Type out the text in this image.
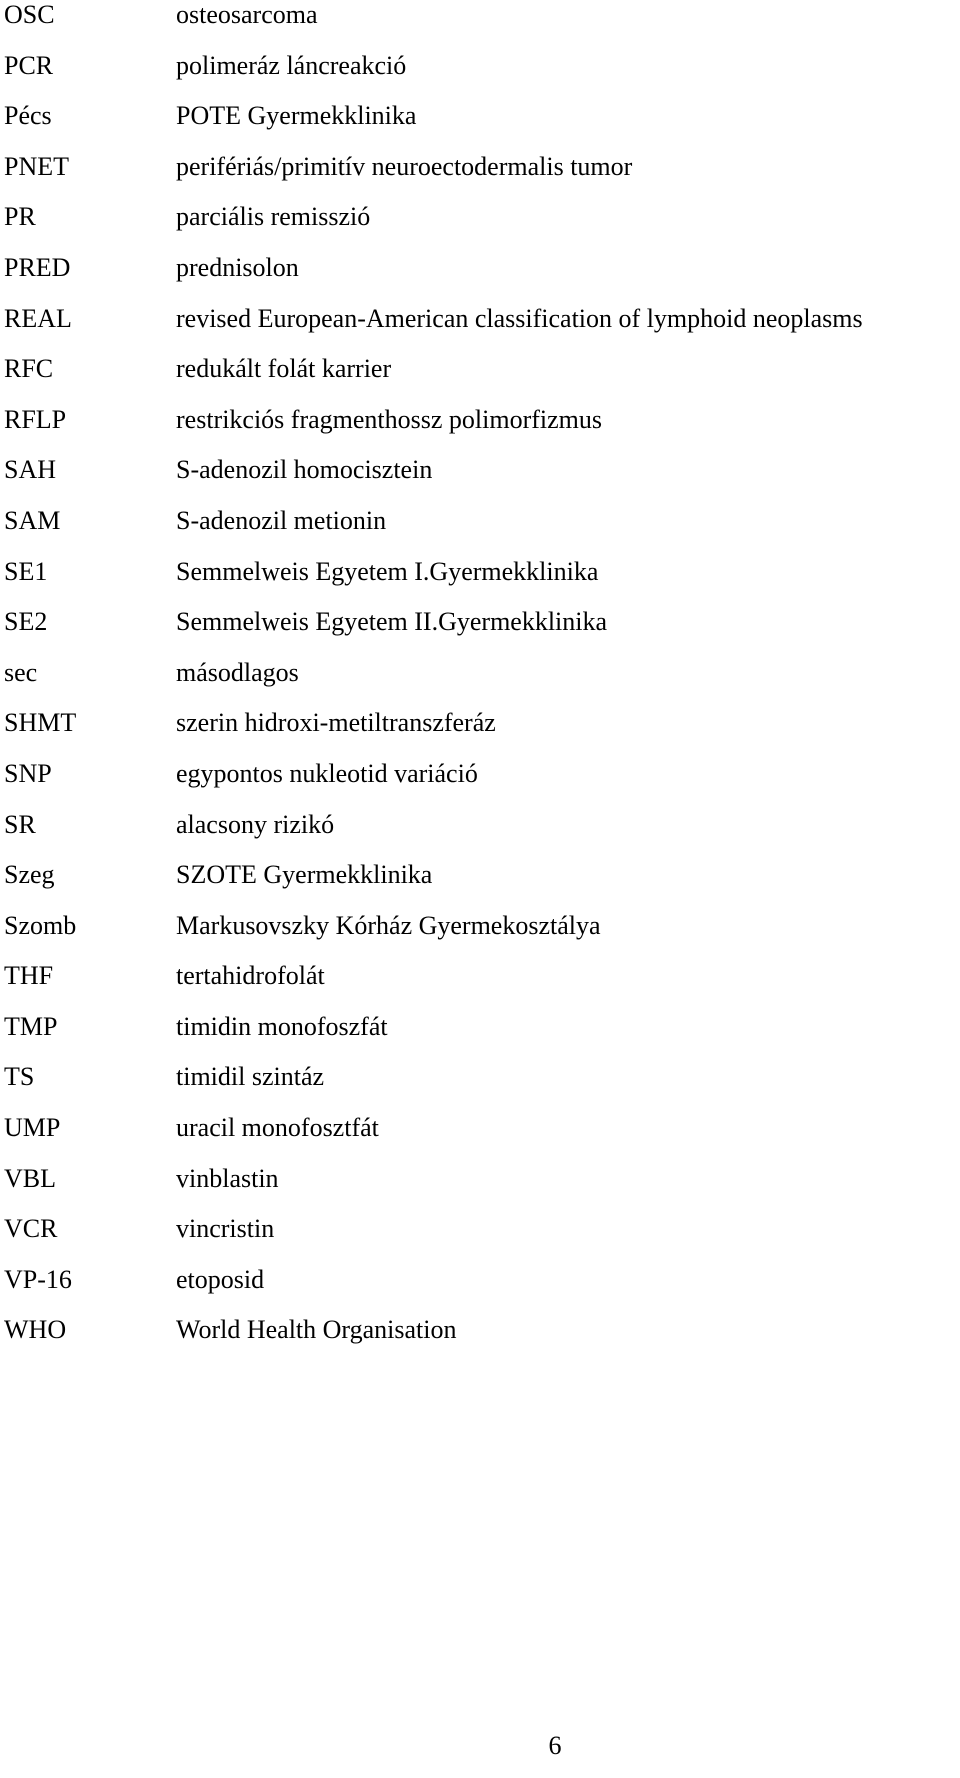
OSC	osteosarcoma
PCR	polimeráz láncreakció
Pécs	POTE Gyermekklinika
PNET	perifériás/primitív neuroectodermalis tumor
PR	parciális remisszió
PRED	prednisolon
REAL	revised European-American classification of lymphoid neoplasms
RFC	redukált folát karrier
RFLP	restrikciós fragmenthossz polimorfizmus
SAH	S-adenozil homocisztein
SAM	S-adenozil metionin
SE1	Semmelweis Egyetem I.Gyermekklinika
SE2	Semmelweis Egyetem II.Gyermekklinika
sec	másodlagos
SHMT	szerin hidroxi-metiltranszferáz
SNP	egypontos nukleotid variáció
SR	alacsony rizikó
Szeg	SZOTE Gyermekklinika
Szomb	Markusovszky Kórház Gyermekosztálya
THF	tertahidrofolát
TMP	timidin monofoszfát
TS	timidil szintáz
UMP	uracil monofosztfát
VBL	vinblastin
VCR	vincristin
VP-16	etoposid
WHO	World Health Organisation
6
